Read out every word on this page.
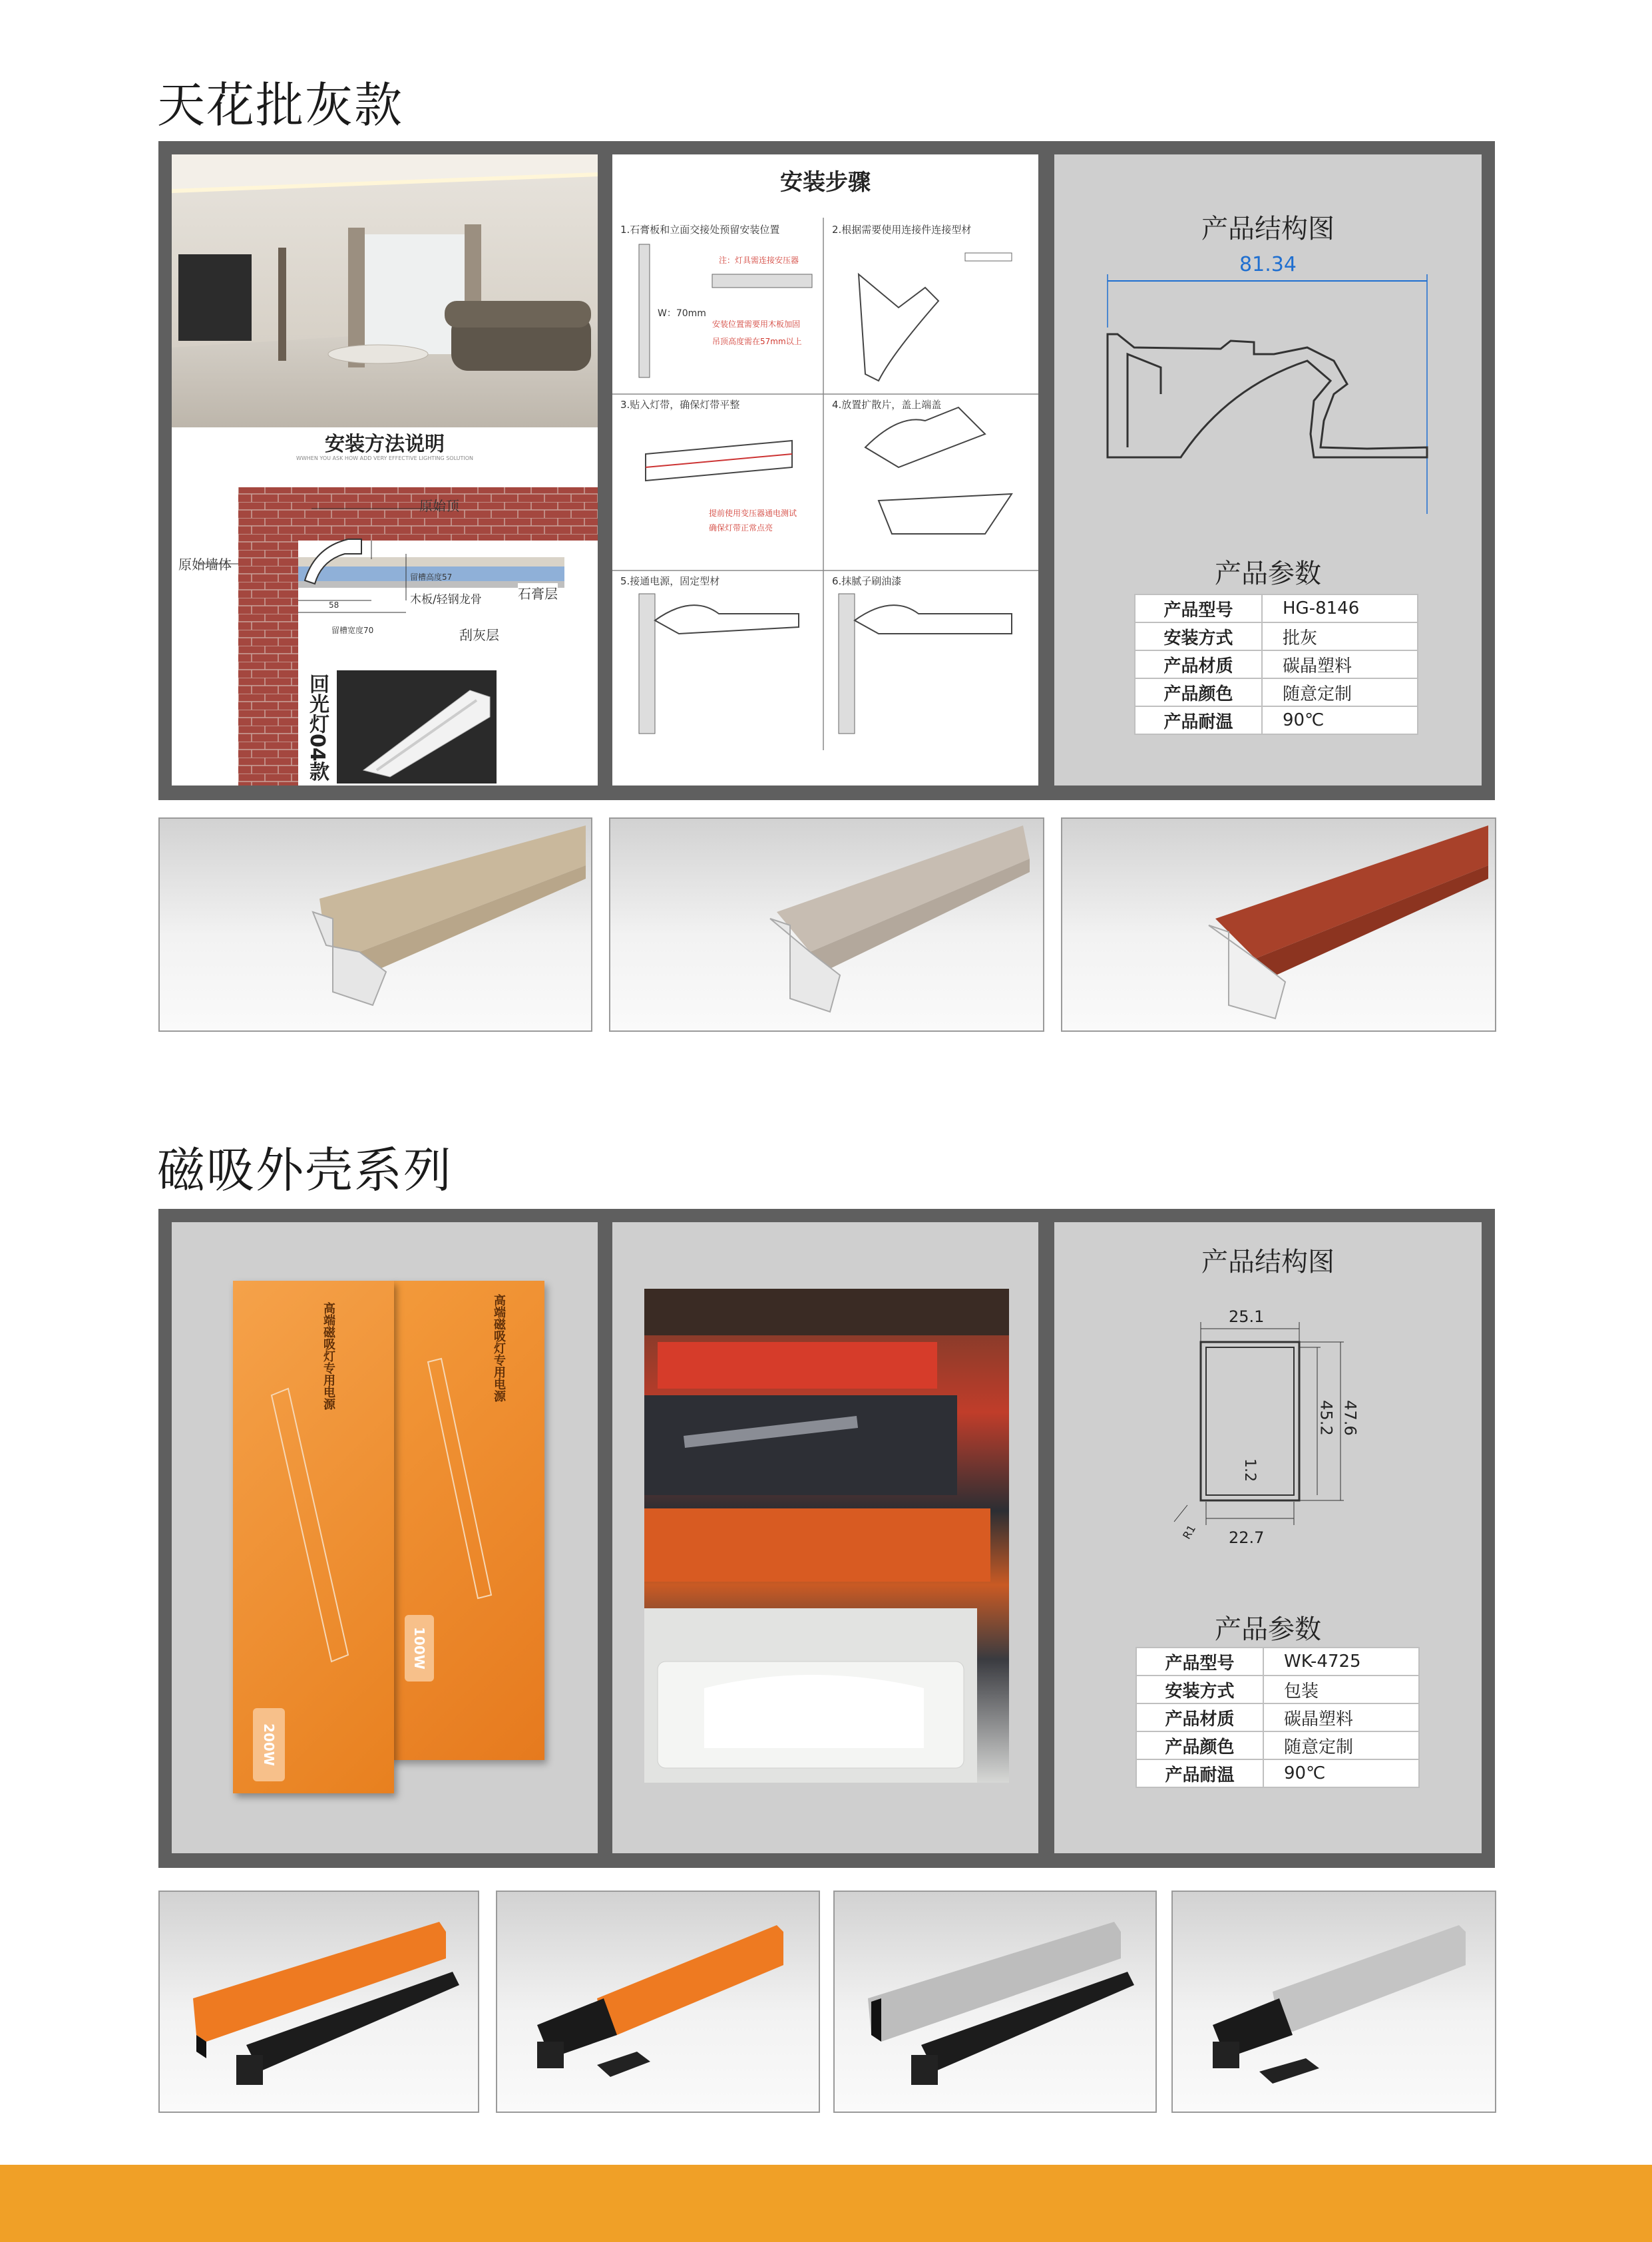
天花批灰款
安装方法说明
WWHEN YOU ASK HOW ADD VERY EFFECTIVE LIGHTING SOLUTION
原始顶
原始墙体
石膏层
木板/轻钢龙骨
刮灰层
留槽高度57
留槽宽度70
58
回光灯04款
安装步骤
1.石膏板和立面交接处预留安装位置	2.根据需要使用连接件连接型材
3.贴入灯带，确保灯带平整	4.放置扩散片，盖上端盖
5.接通电源，固定型材	6.抹腻子刷油漆
注：灯具需连接安压器
W：70mm
安装位置需要用木板加固
吊顶高度需在57mm以上
提前使用变压器通电测试
确保灯带正常点亮
产品结构图
81.34
产品参数
产品型号	HG-8146
安装方式	批灰
产品材质	碳晶塑料
产品颜色	随意定制
产品耐温	90℃
磁吸外壳系列
高端磁吸灯专用电源	高端磁吸灯专用电源
200W
100W
产品结构图
25.1
45.2 47.6
1.2
22.7
R1
产品参数
产品型号	WK-4725
安装方式	包装
产品材质	碳晶塑料
产品颜色	随意定制
产品耐温	90℃
